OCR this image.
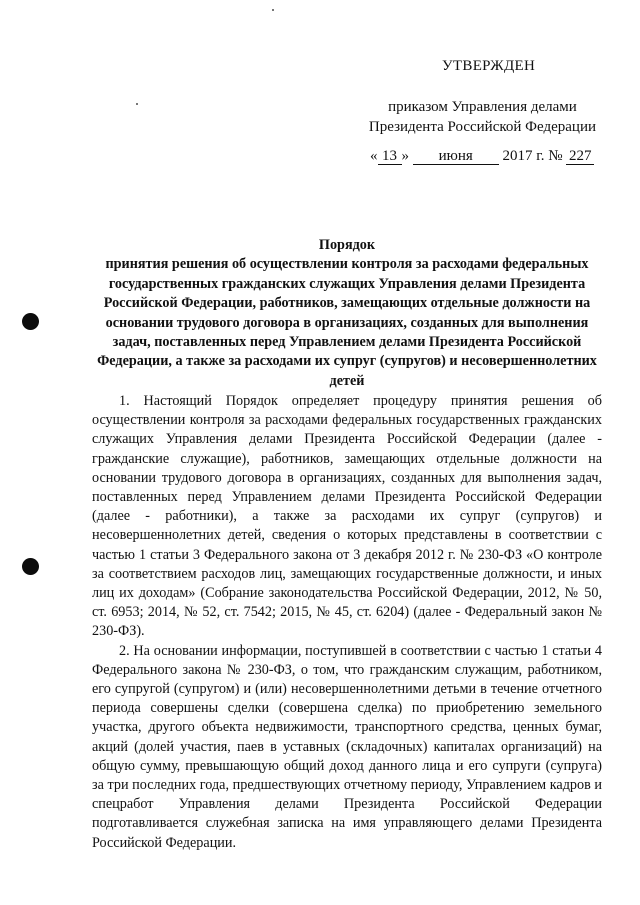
УТВЕРЖДЕН
приказом Управления делами
Президента Российской Федерации
« 13 » июня 2017 г. № 227
Порядок
принятия решения об осуществлении контроля за расходами федеральных государственных гражданских служащих Управления делами Президента Российской Федерации, работников, замещающих отдельные должности на основании трудового договора в организациях, созданных для выполнения задач, поставленных перед Управлением делами Президента Российской Федерации, а также за расходами их супруг (супругов) и несовершеннолетних детей

1. Настоящий Порядок определяет процедуру принятия решения об осуществлении контроля за расходами федеральных государственных гражданских служащих Управления делами Президента Российской Федерации (далее - гражданские служащие), работников, замещающих отдельные должности на основании трудового договора в организациях, созданных для выполнения задач, поставленных перед Управлением делами Президента Российской Федерации (далее - работники), а также за расходами их супруг (супругов) и несовершеннолетних детей, сведения о которых представлены в соответствии с частью 1 статьи 3 Федерального закона от 3 декабря 2012 г. № 230-ФЗ «О контроле за соответствием расходов лиц, замещающих государственные должности, и иных лиц их доходам» (Собрание законодательства Российской Федерации, 2012, № 50, ст. 6953; 2014, № 52, ст. 7542; 2015, № 45, ст. 6204) (далее - Федеральный закон № 230-ФЗ).

2. На основании информации, поступившей в соответствии с частью 1 статьи 4 Федерального закона № 230-ФЗ, о том, что гражданским служащим, работником, его супругой (супругом) и (или) несовершеннолетними детьми в течение отчетного периода совершены сделки (совершена сделка) по приобретению земельного участка, другого объекта недвижимости, транспортного средства, ценных бумаг, акций (долей участия, паев в уставных (складочных) капиталах организаций) на общую сумму, превышающую общий доход данного лица и его супруги (супруга) за три последних года, предшествующих отчетному периоду, Управлением кадров и спецработ Управления делами Президента Российской Федерации подготавливается служебная записка на имя управляющего делами Президента Российской Федерации.
